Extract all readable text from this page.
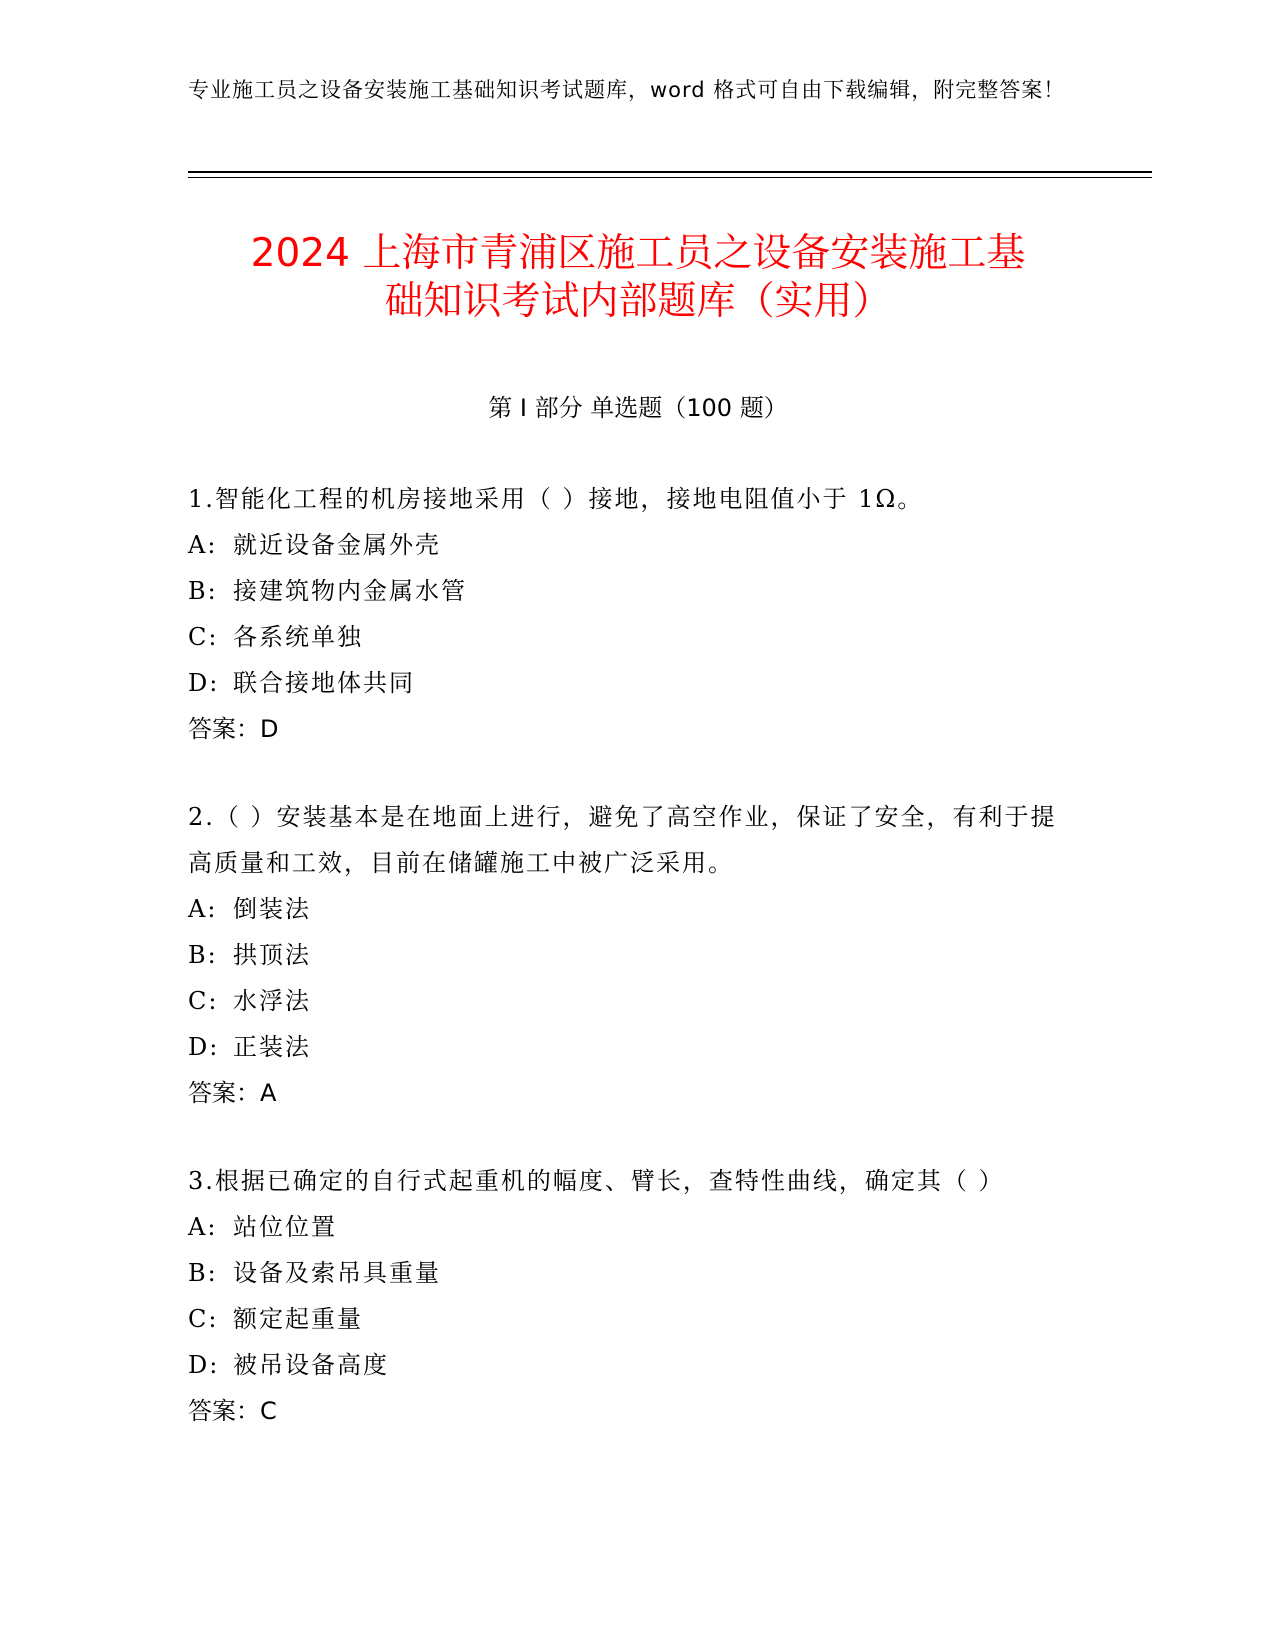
专业施工员之设备安装施工基础知识考试题库，word 格式可自由下载编辑，附完整答案！
2024 上海市青浦区施工员之设备安装施工基
础知识考试内部题库（实用）
第 I 部分 单选题（100 题）
1.智能化工程的机房接地采用（ ）接地，接地电阻值小于 1Ω。
A: 就近设备金属外壳
B: 接建筑物内金属水管
C: 各系统单独
D: 联合接地体共同
答案：D
2.（ ）安装基本是在地面上进行，避免了高空作业，保证了安全，有利于提高质量和工效，目前在储罐施工中被广泛采用。
A: 倒装法
B: 拱顶法
C: 水浮法
D: 正装法
答案：A
3.根据已确定的自行式起重机的幅度、臂长，查特性曲线，确定其（ ）
A: 站位位置
B: 设备及索吊具重量
C: 额定起重量
D: 被吊设备高度
答案：C
